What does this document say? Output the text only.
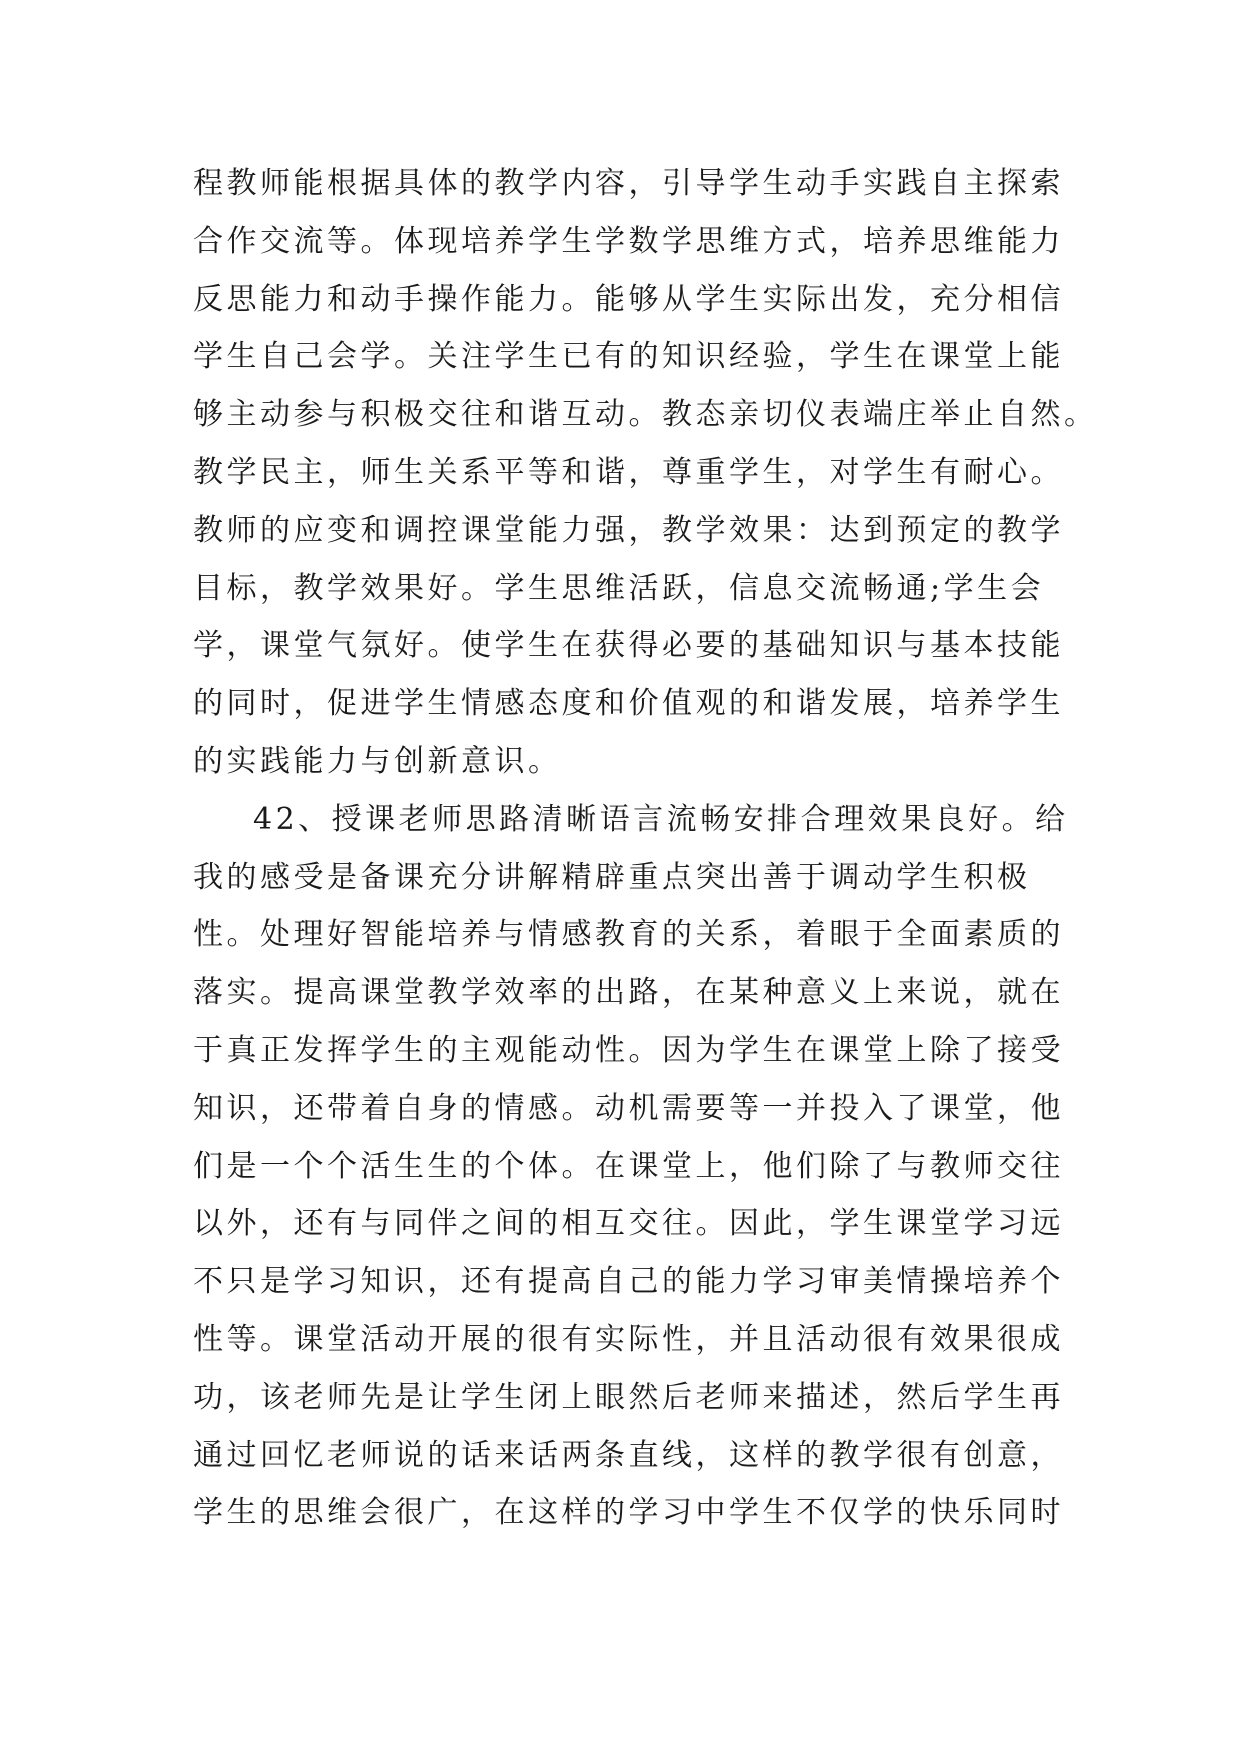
程教师能根据具体的教学内容，引导学生动手实践自主探索
合作交流等。体现培养学生学数学思维方式，培养思维能力
反思能力和动手操作能力。能够从学生实际出发，充分相信
学生自己会学。关注学生已有的知识经验，学生在课堂上能
够主动参与积极交往和谐互动。教态亲切仪表端庄举止自然。
教学民主，师生关系平等和谐，尊重学生，对学生有耐心。
教师的应变和调控课堂能力强，教学效果：达到预定的教学
目标，教学效果好。学生思维活跃，信息交流畅通;学生会
学，课堂气氛好。使学生在获得必要的基础知识与基本技能
的同时，促进学生情感态度和价值观的和谐发展，培养学生
的实践能力与创新意识。
42、授课老师思路清晰语言流畅安排合理效果良好。给
我的感受是备课充分讲解精辟重点突出善于调动学生积极
性。处理好智能培养与情感教育的关系，着眼于全面素质的
落实。提高课堂教学效率的出路，在某种意义上来说，就在
于真正发挥学生的主观能动性。因为学生在课堂上除了接受
知识，还带着自身的情感。动机需要等一并投入了课堂，他
们是一个个活生生的个体。在课堂上，他们除了与教师交往
以外，还有与同伴之间的相互交往。因此，学生课堂学习远
不只是学习知识，还有提高自己的能力学习审美情操培养个
性等。课堂活动开展的很有实际性，并且活动很有效果很成
功，该老师先是让学生闭上眼然后老师来描述，然后学生再
通过回忆老师说的话来话两条直线，这样的教学很有创意，
学生的思维会很广，在这样的学习中学生不仅学的快乐同时
